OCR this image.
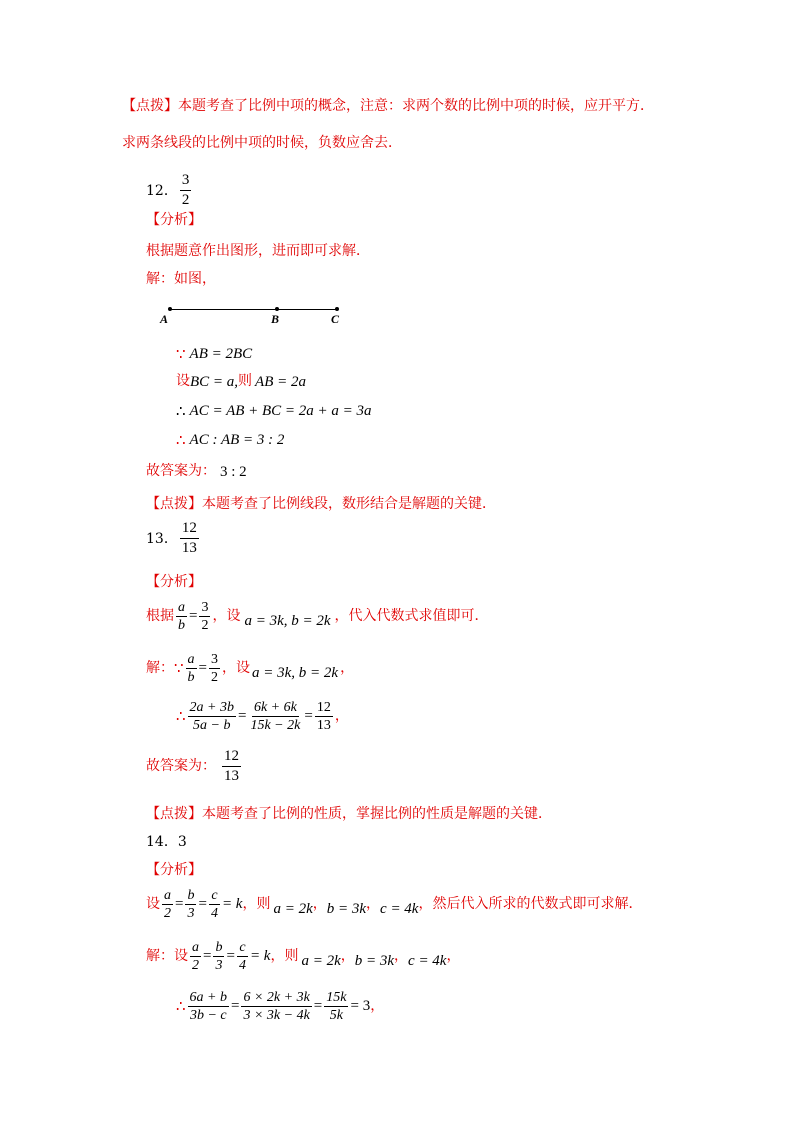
【点拨】本题考查了比例中项的概念，注意：求两个数的比例中项的时候，应开平方．
求两条线段的比例中项的时候，负数应舍去．
12． $\frac{3}{2}$
【分析】
根据题意作出图形，进而即可求解．
解：如图，
A	B	C
∵ AB = 2BC
设 BC = a, 则 AB = 2a
∴ AC = AB + BC = 2a + a = 3a
∴ AC : AB = 3 : 2
故答案为： 3 : 2
【点拨】本题考查了比例线段，数形结合是解题的关键．
13． $\frac{12}{13}$
【分析】
根据 $\frac{a}{b} = \frac{3}{2}$ ，设 a = 3k, b = 2k ，代入代数式求值即可．
解： ∵ $\frac{a}{b} = \frac{3}{2}$ ，设 a = 3k, b = 2k ，
∴ $\frac{2a + 3b}{5a - b} = \frac{6k + 6k}{15k - 2k} = \frac{12}{13}$ ，
故答案为： $\frac{12}{13}$
【点拨】本题考查了比例的性质，掌握比例的性质是解题的关键．
14．3
【分析】
设 $\frac{a}{2} = \frac{b}{3} = \frac{c}{4} = k$ ，则 a = 2k ， b = 3k ， c = 4k ， 然后代入所求的代数式即可求解．
解： 设 $\frac{a}{2} = \frac{b}{3} = \frac{c}{4} = k$ ，则 a = 2k ， b = 3k ， c = 4k ，
∴ $\frac{6a + b}{3b - c} = \frac{6 \times 2k + 3k}{3 \times 3k - 4k} = \frac{15k}{5k} = 3$ ，
